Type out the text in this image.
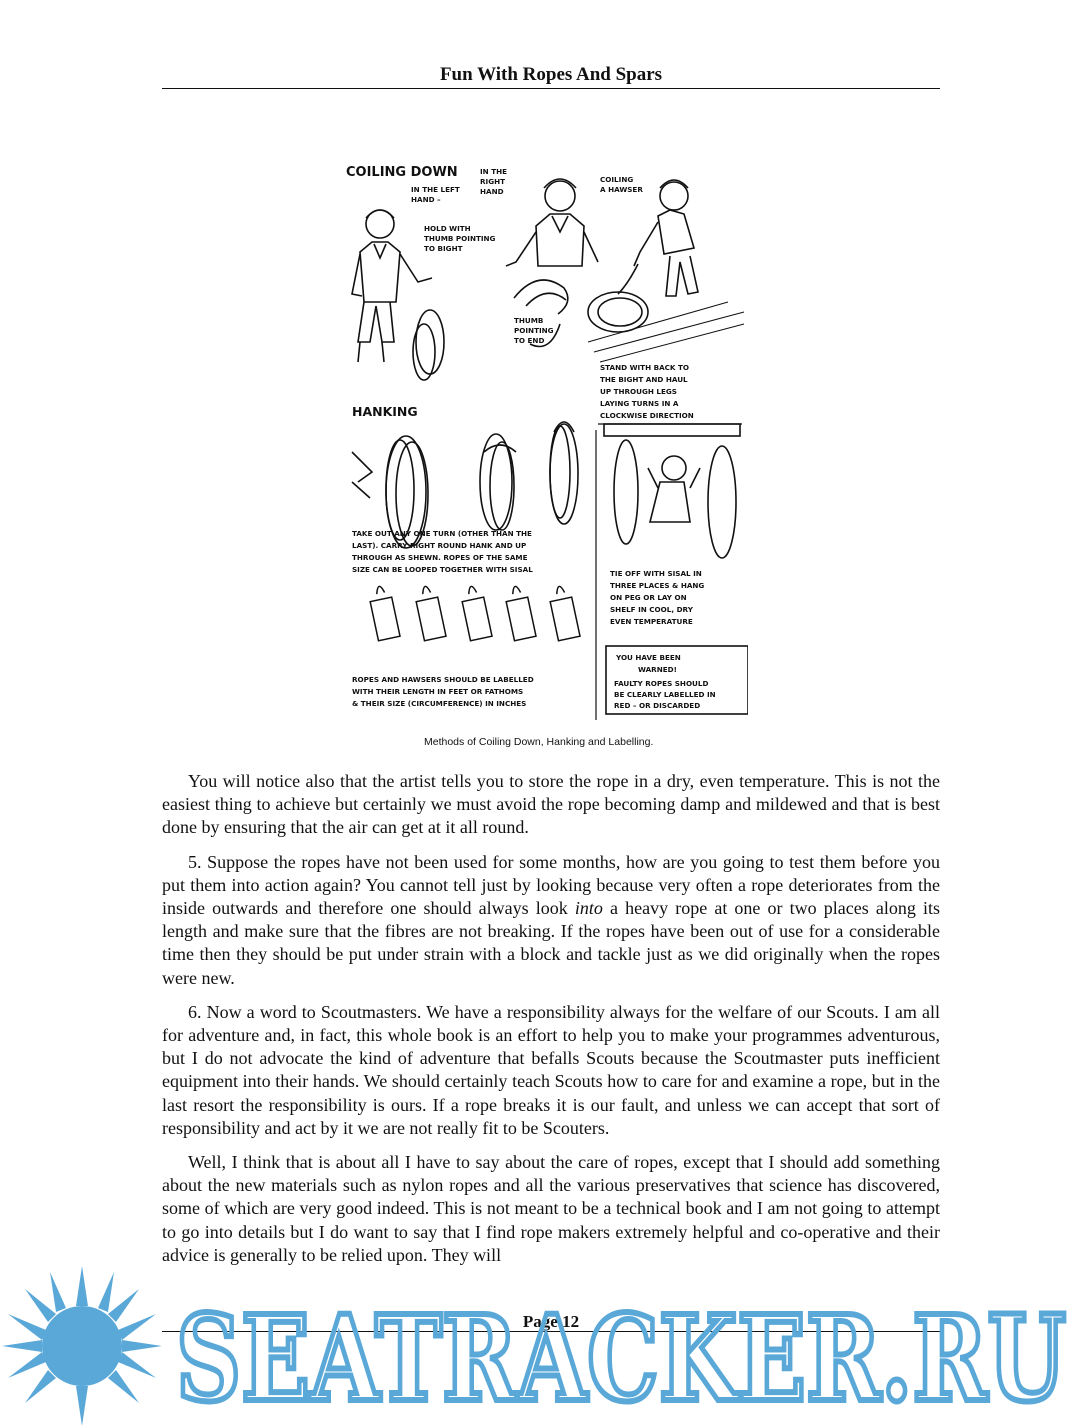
Fun With Ropes And Spars
COILING DOWN
IN THE LEFT
HAND –
HOLD WITH
THUMB POINTING
TO BIGHT
IN THE
RIGHT
HAND
THUMB
POINTING
TO END
COILING
A HAWSER
STAND WITH BACK TO
THE BIGHT AND HAUL
UP THROUGH LEGS
LAYING TURNS IN A
CLOCKWISE DIRECTION
HANKING
TAKE OUT ANY ONE TURN (OTHER THAN THE
LAST). CARRY RIGHT ROUND HANK AND UP
THROUGH AS SHEWN. ROPES OF THE SAME
SIZE CAN BE LOOPED TOGETHER WITH SISAL	TIE OFF WITH SISAL IN
THREE PLACES & HANG
ON PEG OR LAY ON
SHELF IN COOL, DRY
EVEN TEMPERATURE
YOU HAVE BEEN
WARNED!
FAULTY ROPES SHOULD
BE CLEARLY LABELLED IN
RED – OR DISCARDED
ROPES AND HAWSERS SHOULD BE LABELLED
WITH THEIR LENGTH IN FEET OR FATHOMS
& THEIR SIZE (CIRCUMFERENCE) IN INCHES
Methods of Coiling Down, Hanking and Labelling.

You will notice also that the artist tells you to store the rope in a dry, even temperature. This is not the easiest thing to achieve but certainly we must avoid the rope becoming damp and mildewed and that is best done by ensuring that the air can get at it all round.

5. Suppose the ropes have not been used for some months, how are you going to test them before you put them into action again? You cannot tell just by looking because very often a rope deteriorates from the inside outwards and therefore one should always look into a heavy rope at one or two places along its length and make sure that the fibres are not breaking. If the ropes have been out of use for a considerable time then they should be put under strain with a block and tackle just as we did originally when the ropes were new.

6. Now a word to Scoutmasters. We have a responsibility always for the welfare of our Scouts. I am all for adventure and, in fact, this whole book is an effort to help you to make your programmes adventurous, but I do not advocate the kind of adventure that befalls Scouts because the Scoutmaster puts inefficient equipment into their hands. We should certainly teach Scouts how to care for and examine a rope, but in the last resort the responsibility is ours. If a rope breaks it is our fault, and unless we can accept that sort of responsibility and act by it we are not really fit to be Scouters.

Well, I think that is about all I have to say about the care of ropes, except that I should add something about the new materials such as nylon ropes and all the various preservatives that science has discovered, some of which are very good indeed. This is not meant to be a technical book and I am not going to attempt to go into details but I do want to say that I find rope makers extremely helpful and co-operative and their advice is generally to be relied upon. They will

Page 12
SEATRACKER.RU
